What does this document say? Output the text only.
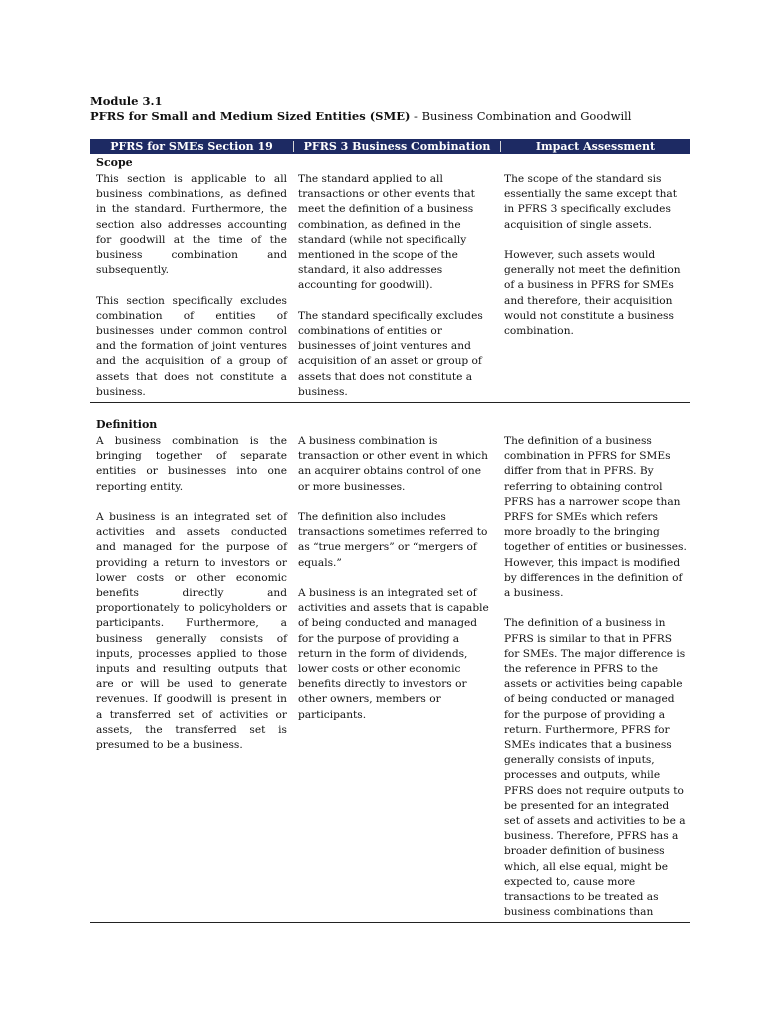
Module 3.1
PFRS for Small and Medium Sized Entities (SME) - Business Combination and Goodwill
PFRS for SMEs Section 19	PFRS 3 Business Combination	Impact Assessment
Scope

This section is applicable to all business combinations, as defined in the standard. Furthermore, the section also addresses accounting for goodwill at the time of the business combination and subsequently.

This section specifically excludes combination of entities of businesses under common control and the formation of joint ventures and the acquisition of a group of assets that does not constitute a business.

The standard applied to all transactions or other events that meet the definition of a business combination, as defined in the standard (while not specifically mentioned in the scope of the standard, it also addresses accounting for goodwill).

The standard specifically excludes combinations of entities or businesses of joint ventures and acquisition of an asset or group of assets that does not constitute a business.

The scope of the standard sis essentially the same except that in PFRS 3 specifically excludes acquisition of single assets.

However, such assets would generally not meet the definition of a business in PFRS for SMEs and therefore, their acquisition would not constitute a business combination.

Definition

A business combination is the bringing together of separate entities or businesses into one reporting entity.

A business is an integrated set of activities and assets conducted and managed for the purpose of providing a return to investors or lower costs or other economic benefits directly and proportionately to policyholders or participants. Furthermore, a business generally consists of inputs, processes applied to those inputs and resulting outputs that are or will be used to generate revenues. If goodwill is present in a transferred set of activities or assets, the transferred set is presumed to be a business.

A business combination is transaction or other event in which an acquirer obtains control of one or more businesses.

The definition also includes transactions sometimes referred to as “true mergers” or “mergers of equals.”

A business is an integrated set of activities and assets that is capable of being conducted and managed for the purpose of providing a return in the form of dividends, lower costs or other economic benefits directly to investors or other owners, members or participants.

The definition of a business combination in PFRS for SMEs differ from that in PFRS. By referring to obtaining control PFRS has a narrower scope than PRFS for SMEs which refers more broadly to the bringing together of entities or businesses. However, this impact is modified by differences in the definition of a business.

The definition of a business in PFRS is similar to that in PFRS for SMEs. The major difference is the reference in PFRS to the assets or activities being capable of being conducted or managed for the purpose of providing a return. Furthermore, PFRS for SMEs indicates that a business generally consists of inputs, processes and outputs, while PFRS does not require outputs to be presented for an integrated set of assets and activities to be a business. Therefore, PFRS has a broader definition of business which, all else equal, might be expected to, cause more transactions to be treated as business combinations than
